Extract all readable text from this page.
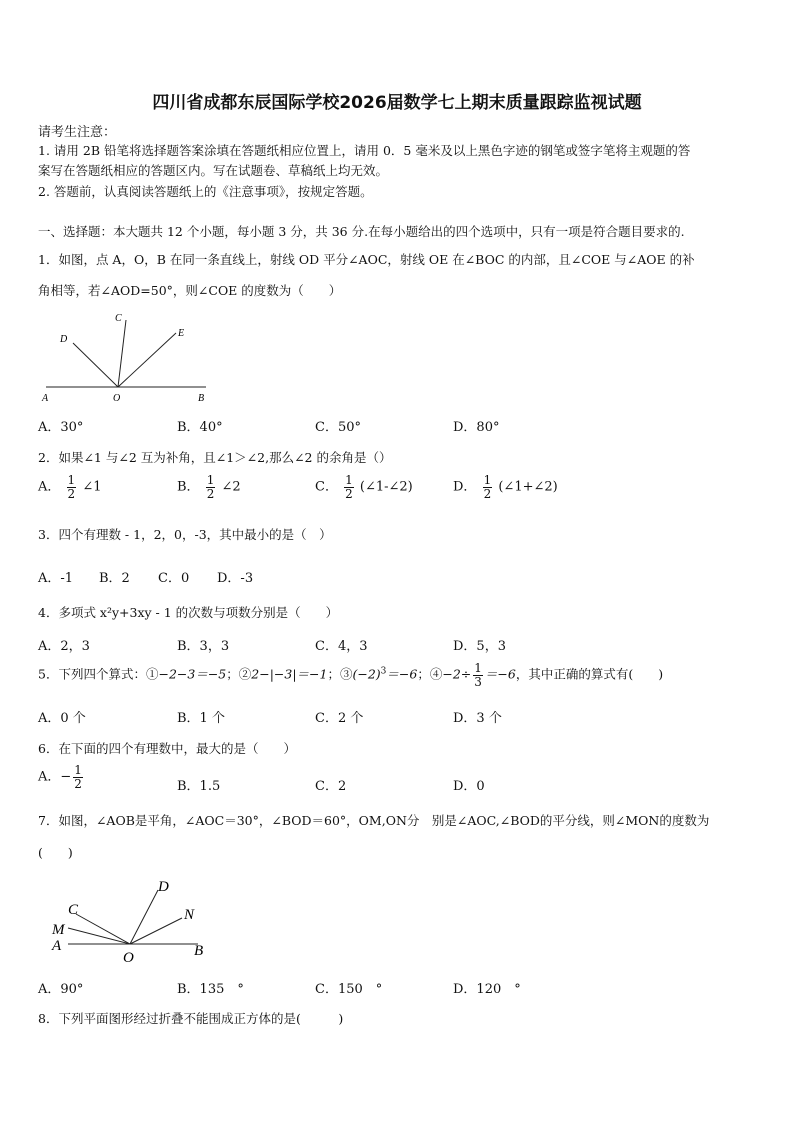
四川省成都东辰国际学校2026届数学七上期末质量跟踪监视试题
请考生注意：
1. 请用 2B 铅笔将选择题答案涂填在答题纸相应位置上，请用 0．5 毫米及以上黑色字迹的钢笔或签字笔将主观题的答
案写在答题纸相应的答题区内。写在试题卷、草稿纸上均无效。
2. 答题前，认真阅读答题纸上的《注意事项》，按规定答题。
一、选择题：本大题共 12 个小题，每小题 3 分，共 36 分.在每小题给出的四个选项中，只有一项是符合题目要求的.
1．如图，点 A，O，B 在同一条直线上，射线 OD 平分∠AOC，射线 OE 在∠BOC 的内部，且∠COE 与∠AOE 的补
角相等，若∠AOD=50°，则∠COE 的度数为（　　）
A	O	B
C
D
E
A．30°	B．40°	C．50°	D．80°
2．如果∠1 与∠2 互为补角，且∠1＞∠2,那么∠2 的余角是（）
A． $\frac{1}{2}$ ∠1	B． $\frac{1}{2}$ ∠2	C． $\frac{1}{2}$ (∠1-∠2)	D． $\frac{1}{2}$ (∠1+∠2)
3．四个有理数 - 1，2，0，-3，其中最小的是（　）
A．-1 B．2 C．0 D．-3
4．多项式 x²y+3xy - 1 的次数与项数分别是（　　）
A．2，3	B．3，3	C．4，3	D．5，3
5．下列四个算式：①−2−3＝−5；②2−|−3|＝−1；$③(-2)^3=-6$；④−2÷ $\frac{1}{3} =-6$，其中正确的算式有(　　)
A．0 个	B．1 个	C．2 个	D．3 个
6．在下面的四个有理数中，最大的是（　　）
A．− $\frac{1}{2}$	B．1.5	C．2	D．0
7．如图，∠AOB是平角，∠AOC＝30°，∠BOD＝60°，OM,ON分　别是∠AOC,∠BOD的平分线，则∠MON的度数为
(　　)
A
M
C
D
N
O	B
A．90°	B．135　°	C．150　°	D．120　°
8．下列平面图形经过折叠不能围成正方体的是(　　　)
